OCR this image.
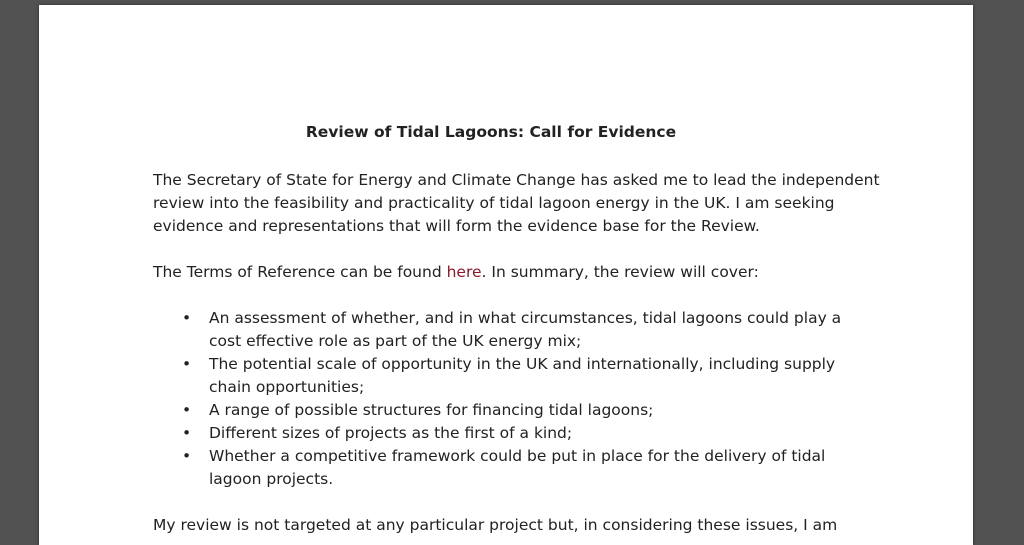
Review of Tidal Lagoons: Call for Evidence

The Secretary of State for Energy and Climate Change has asked me to lead the independent
review into the feasibility and practicality of tidal lagoon energy in the UK. I am seeking
evidence and representations that will form the evidence base for the Review.

The Terms of Reference can be found here. In summary, the review will cover:

• An assessment of whether, and in what circumstances, tidal lagoons could play a
cost effective role as part of the UK energy mix;
• The potential scale of opportunity in the UK and internationally, including supply
chain opportunities;
• A range of possible structures for financing tidal lagoons;
• Different sizes of projects as the first of a kind;
• Whether a competitive framework could be put in place for the delivery of tidal
lagoon projects.

My review is not targeted at any particular project but, in considering these issues, I am
